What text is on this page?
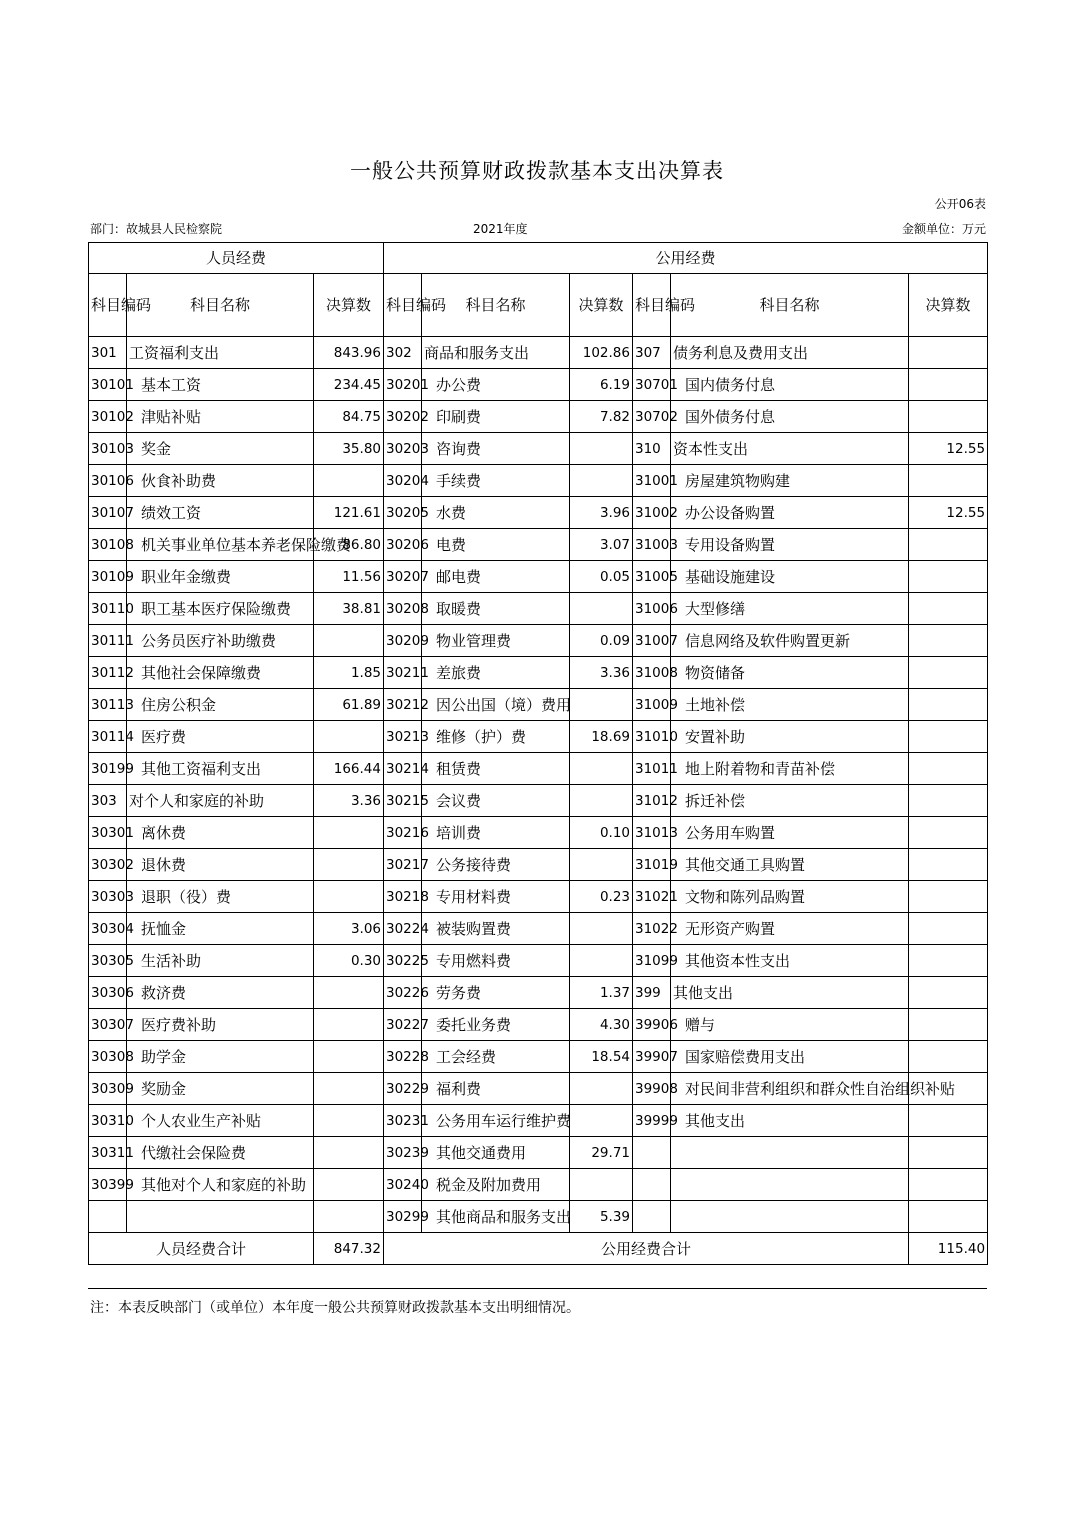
一般公共预算财政拨款基本支出决算表
公开06表
部门：故城县人民检察院	2021年度	金额单位：万元
人员经费			公用经费					
科目编码	科目名称	决算数	科目编码	科目名称	决算数	科目编码	科目名称	决算数
301	工资福利支出	843.96	302	商品和服务支出	102.86	307	债务利息及费用支出	
30101	基本工资	234.45	30201	办公费	6.19	30701	国内债务付息	
30102	津贴补贴	84.75	30202	印刷费	7.82	30702	国外债务付息	
30103	奖金	35.80	30203	咨询费		310	资本性支出	12.55
30106	伙食补助费		30204	手续费		31001	房屋建筑物购建	
30107	绩效工资	121.61	30205	水费	3.96	31002	办公设备购置	12.55
30108	机关事业单位基本养老保险缴费	86.80	30206	电费	3.07	31003	专用设备购置	
30109	职业年金缴费	11.56	30207	邮电费	0.05	31005	基础设施建设	
30110	职工基本医疗保险缴费	38.81	30208	取暖费		31006	大型修缮	
30111	公务员医疗补助缴费		30209	物业管理费	0.09	31007	信息网络及软件购置更新	
30112	其他社会保障缴费	1.85	30211	差旅费	3.36	31008	物资储备	
30113	住房公积金	61.89	30212	因公出国（境）费用		31009	土地补偿	
30114	医疗费		30213	维修（护）费	18.69	31010	安置补助	
30199	其他工资福利支出	166.44	30214	租赁费		31011	地上附着物和青苗补偿	
303	对个人和家庭的补助	3.36	30215	会议费		31012	拆迁补偿	
30301	离休费		30216	培训费	0.10	31013	公务用车购置	
30302	退休费		30217	公务接待费		31019	其他交通工具购置	
30303	退职（役）费		30218	专用材料费	0.23	31021	文物和陈列品购置	
30304	抚恤金	3.06	30224	被装购置费		31022	无形资产购置	
30305	生活补助	0.30	30225	专用燃料费		31099	其他资本性支出	
30306	救济费		30226	劳务费	1.37	399	其他支出	
30307	医疗费补助		30227	委托业务费	4.30	39906	赠与	
30308	助学金		30228	工会经费	18.54	39907	国家赔偿费用支出	
30309	奖励金		30229	福利费		39908	对民间非营利组织和群众性自治组织补贴	
30310	个人农业生产补贴		30231	公务用车运行维护费		39999	其他支出	
30311	代缴社会保险费		30239	其他交通费用	29.71			
30399	其他对个人和家庭的补助		30240	税金及附加费用				
			30299	其他商品和服务支出	5.39			
人员经费合计		847.32	公用经费合计					115.40
注：本表反映部门（或单位）本年度一般公共预算财政拨款基本支出明细情况。
